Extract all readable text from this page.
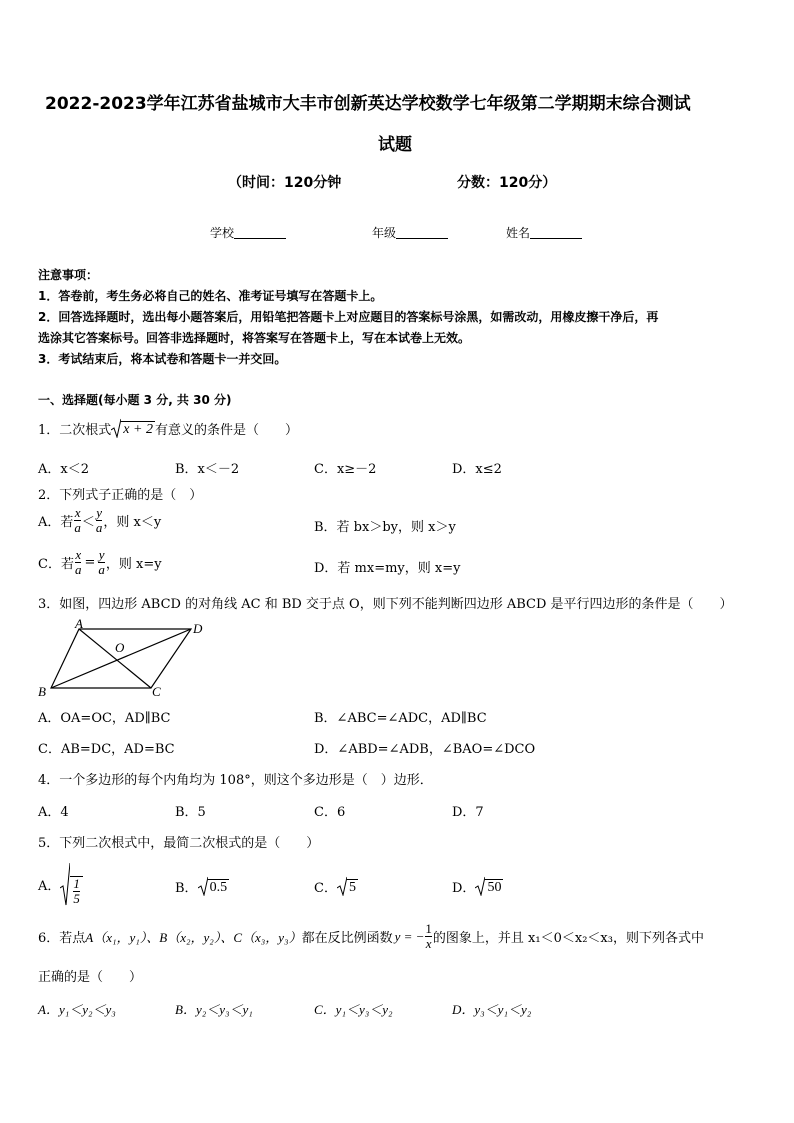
2022-2023学年江苏省盐城市大丰市创新英达学校数学七年级第二学期期末综合测试
试题
（时间：120分钟	分数：120分）
学校	年级	姓名
注意事项：
1．答卷前，考生务必将自己的姓名、准考证号填写在答题卡上。
2．回答选择题时，选出每小题答案后，用铅笔把答题卡上对应题目的答案标号涂黑，如需改动，用橡皮擦干净后，再
选涂其它答案标号。回答非选择题时，将答案写在答题卡上，写在本试卷上无效。
3．考试结束后，将本试卷和答题卡一并交回。
一、选择题(每小题 3 分, 共 30 分)
1．二次根式 x + 2 有意义的条件是（　　）
A．x＜2	B．x＜－2	C．x≥－2	D．x≤2
2．下列式子正确的是（　）
A．若 $\frac{x}{a} < \frac{y}{a}$ ，则 x＜y	B．若 bx＞by，则 x＞y
C．若 $\frac{x}{a} = \frac{y}{a}$ ，则 x=y	D．若 mx=my，则 x=y
3．如图，四边形 ABCD 的对角线 AC 和 BD 交于点 O，则下列不能判断四边形 ABCD 是平行四边形的条件是（　　）
A	D
B	C
O
A．OA=OC，AD∥BC	B．∠ABC=∠ADC，AD∥BC
C．AB=DC，AD=BC	D．∠ABD=∠ADB，∠BAO=∠DCO
4．一个多边形的每个内角均为 108°，则这个多边形是（　）边形．
A．4	B．5	C．6	D．7
5．下列二次根式中，最简二次根式的是（　　）
A． $\frac{1}{5}$	B． 0.5	C． 5	D． 50
6．若点 A（x₁，y₁）、B（x₂，y₂）、C（x₃，y₃） 都在反比例函数 y = − $\frac{1}{x}$ 的图象上，并且 x₁＜0＜x₂＜x₃，则下列各式中
正确的是（　　）
A．y₁＜y₂＜y₃	B．y₂＜y₃＜y₁	C．y₁＜y₃＜y₂	D．y₃＜y₁＜y₂
